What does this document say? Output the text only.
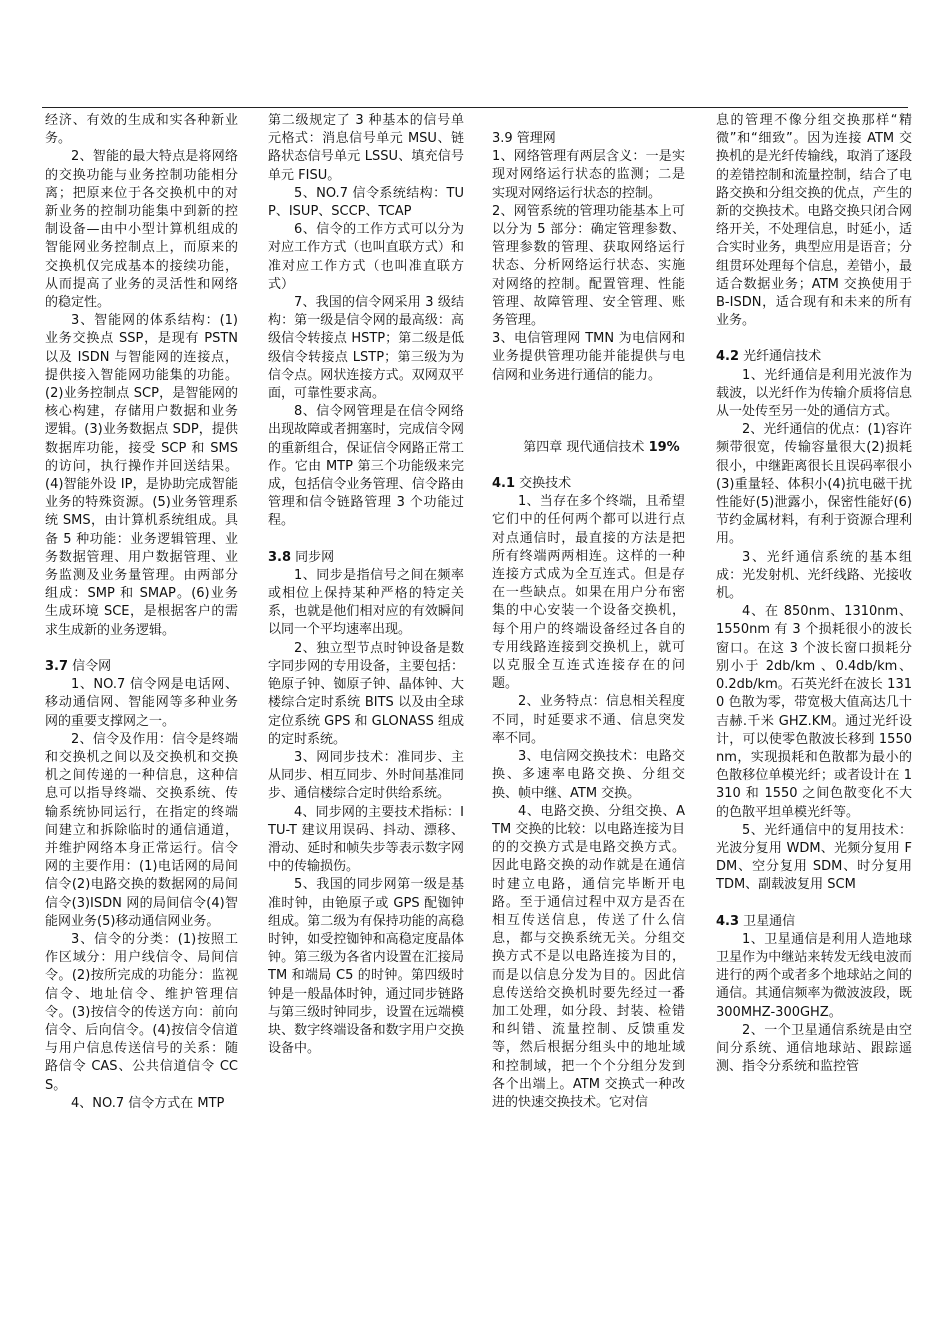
经济、有效的生成和实各种新业务。

2、智能的最大特点是将网络的交换功能与业务控制功能相分离；把原来位于各交换机中的对新业务的控制功能集中到新的控制设备—由中小型计算机组成的智能网业务控制点上，而原来的交换机仅完成基本的接续功能，从而提高了业务的灵活性和网络的稳定性。

3、智能网的体系结构：(1)业务交换点 SSP，是现有 PSTN 以及 ISDN 与智能网的连接点，提供接入智能网功能集的功能。(2)业务控制点 SCP，是智能网的核心构建，存储用户数据和业务逻辑。(3)业务数据点 SDP，提供数据库功能，接受 SCP 和 SMS 的访问，执行操作并回送结果。(4)智能外设 IP，是协助完成智能业务的特殊资源。(5)业务管理系统 SMS，由计算机系统组成。具备 5 种功能：业务逻辑管理、业务数据管理、用户数据管理、业务监测及业务量管理。由两部分组成：SMP 和 SMAP。(6)业务生成环境 SCE，是根据客户的需求生成新的业务逻辑。

3.7 信令网

1、NO.7 信令网是电话网、移动通信网、智能网等多种业务网的重要支撑网之一。

2、信令及作用：信令是终端和交换机之间以及交换机和交换机之间传递的一种信息，这种信息可以指导终端、交换系统、传输系统协同运行，在指定的终端间建立和拆除临时的通信通道，并维护网络本身正常运行。信令网的主要作用：(1)电话网的局间信令(2)电路交换的数据网的局间信令(3)ISDN 网的局间信令(4)智能网业务(5)移动通信网业务。

3、信令的分类：(1)按照工作区域分：用户线信令、局间信令。(2)按所完成的功能分：监视信令、地址信令、维护管理信令。(3)按信令的传送方向：前向信令、后向信令。(4)按信令信道与用户信息传送信号的关系：随路信令 CAS、公共信道信令 CCS。

4、NO.7 信令方式在 MTP

第二级规定了 3 种基本的信号单元格式：消息信号单元 MSU、链路状态信号单元 LSSU、填充信号单元 FISU。

5、NO.7 信令系统结构：TUP、ISUP、SCCP、TCAP

6、信令的工作方式可以分为对应工作方式（也叫直联方式）和准对应工作方式（也叫准直联方式）

7、我国的信令网采用 3 级结构：第一级是信令网的最高级：高级信令转接点 HSTP；第二级是低级信令转接点 LSTP；第三级为为信令点。网状连接方式。双网双平面，可靠性要求高。

8、信令网管理是在信令网络出现故障或者拥塞时，完成信令网的重新组合，保证信令网路正常工作。它由 MTP 第三个功能级来完成，包括信令业务管理、信令路由管理和信令链路管理 3 个功能过程。

3.8 同步网

1、同步是指信号之间在频率或相位上保持某种严格的特定关系，也就是他们相对应的有效瞬间以同一个平均速率出现。

2、独立型节点时钟设备是数字同步网的专用设备，主要包括：铯原子钟、铷原子钟、晶体钟、大楼综合定时系统 BITS 以及由全球定位系统 GPS 和 GLONASS 组成的定时系统。

3、网同步技术：准同步、主从同步、相互同步、外时间基准同步、通信楼综合定时供给系统。

4、同步网的主要技术指标：ITU-T 建议用误码、抖动、漂移、滑动、延时和帧失步等表示数字网中的传输损伤。

5、我国的同步网第一级是基准时钟，由铯原子或 GPS 配铷钟组成。第二级为有保持功能的高稳时钟，如受控铷钟和高稳定度晶体钟。第三级为各省内设置在汇接局 TM 和端局 C5 的时钟。第四级时钟是一般晶体时钟，通过同步链路与第三级时钟同步，设置在远端模块、数字终端设备和数字用户交换设备中。

3.9 管理网

1、网络管理有两层含义：一是实现对网络运行状态的监测；二是实现对网络运行状态的控制。

2、网管系统的管理功能基本上可以分为 5 部分：确定管理参数、管理参数的管理、获取网络运行状态、分析网络运行状态、实施对网络的控制。配置管理、性能管理、故障管理、安全管理、账务管理。

3、电信管理网 TMN 为电信网和业务提供管理功能并能提供与电信网和业务进行通信的能力。

第四章 现代通信技术 19%

4.1 交换技术

1、当存在多个终端，且希望它们中的任何两个都可以进行点对点通信时，最直接的方法是把所有终端两两相连。这样的一种连接方式成为全互连式。但是存在一些缺点。如果在用户分布密集的中心安装一个设备交换机，每个用户的终端设备经过各自的专用线路连接到交换机上，就可以克服全互连式连接存在的问题。

2、业务特点：信息相关程度不同，时延要求不通、信息突发率不同。

3、电信网交换技术：电路交换、多速率电路交换、分组交换、帧中继、ATM 交换。

4、电路交换、分组交换、ATM 交换的比较：以电路连接为目的的交换方式是电路交换方式。因此电路交换的动作就是在通信时建立电路，通信完毕断开电路。至于通信过程中双方是否在相互传送信息，传送了什么信息，都与交换系统无关。分组交换方式不是以电路连接为目的，而是以信息分发为目的。因此信息传送给交换机时要先经过一番加工处理，如分段、封装、检错和纠错、流量控制、反馈重发等，然后根据分组头中的地址域和控制域，把一个个分组分发到各个出端上。ATM 交换式一种改进的快速交换技术。它对信

息的管理不像分组交换那样“精微”和“细致”。因为连接 ATM 交换机的是光纤传输线，取消了逐段的差错控制和流量控制，结合了电路交换和分组交换的优点，产生的新的交换技术。电路交换只闭合网络开关，不处理信息，时延小，适合实时业务，典型应用是语音；分组贯环处理每个信息，差错小，最适合数据业务；ATM 交换使用于 B-ISDN，适合现有和未来的所有业务。

4.2 光纤通信技术

1、光纤通信是利用光波作为载波，以光纤作为传输介质将信息从一处传至另一处的通信方式。

2、光纤通信的优点：(1)容许频带很宽，传输容量很大(2)损耗很小，中继距离很长且误码率很小(3)重量轻、体积小(4)抗电磁干扰性能好(5)泄露小，保密性能好(6)节约金属材料，有利于资源合理利用。

3、光纤通信系统的基本组成：光发射机、光纤线路、光接收机。

4、在 850nm、1310nm、1550nm 有 3 个损耗很小的波长窗口。在这 3 个波长窗口损耗分别小于 2db/km 、0.4db/km、0.2db/km。石英光纤在波长 1310 色散为零，带宽极大值高达几十吉赫.千米 GHZ.KM。通过光纤设计，可以使零色散波长移到 1550nm，实现损耗和色散都为最小的色散移位单模光纤；或者设计在 1310 和 1550 之间色散变化不大的色散平坦单模光纤等。

5、光纤通信中的复用技术：光波分复用 WDM、光频分复用 FDM、空分复用 SDM、时分复用 TDM、副载波复用 SCM

4.3 卫星通信

1、卫星通信是利用人造地球卫星作为中继站来转发无线电波而进行的两个或者多个地球站之间的通信。其通信频率为微波波段，既 300MHZ-300GHZ。

2、一个卫星通信系统是由空间分系统、通信地球站、跟踪遥测、指令分系统和监控管
